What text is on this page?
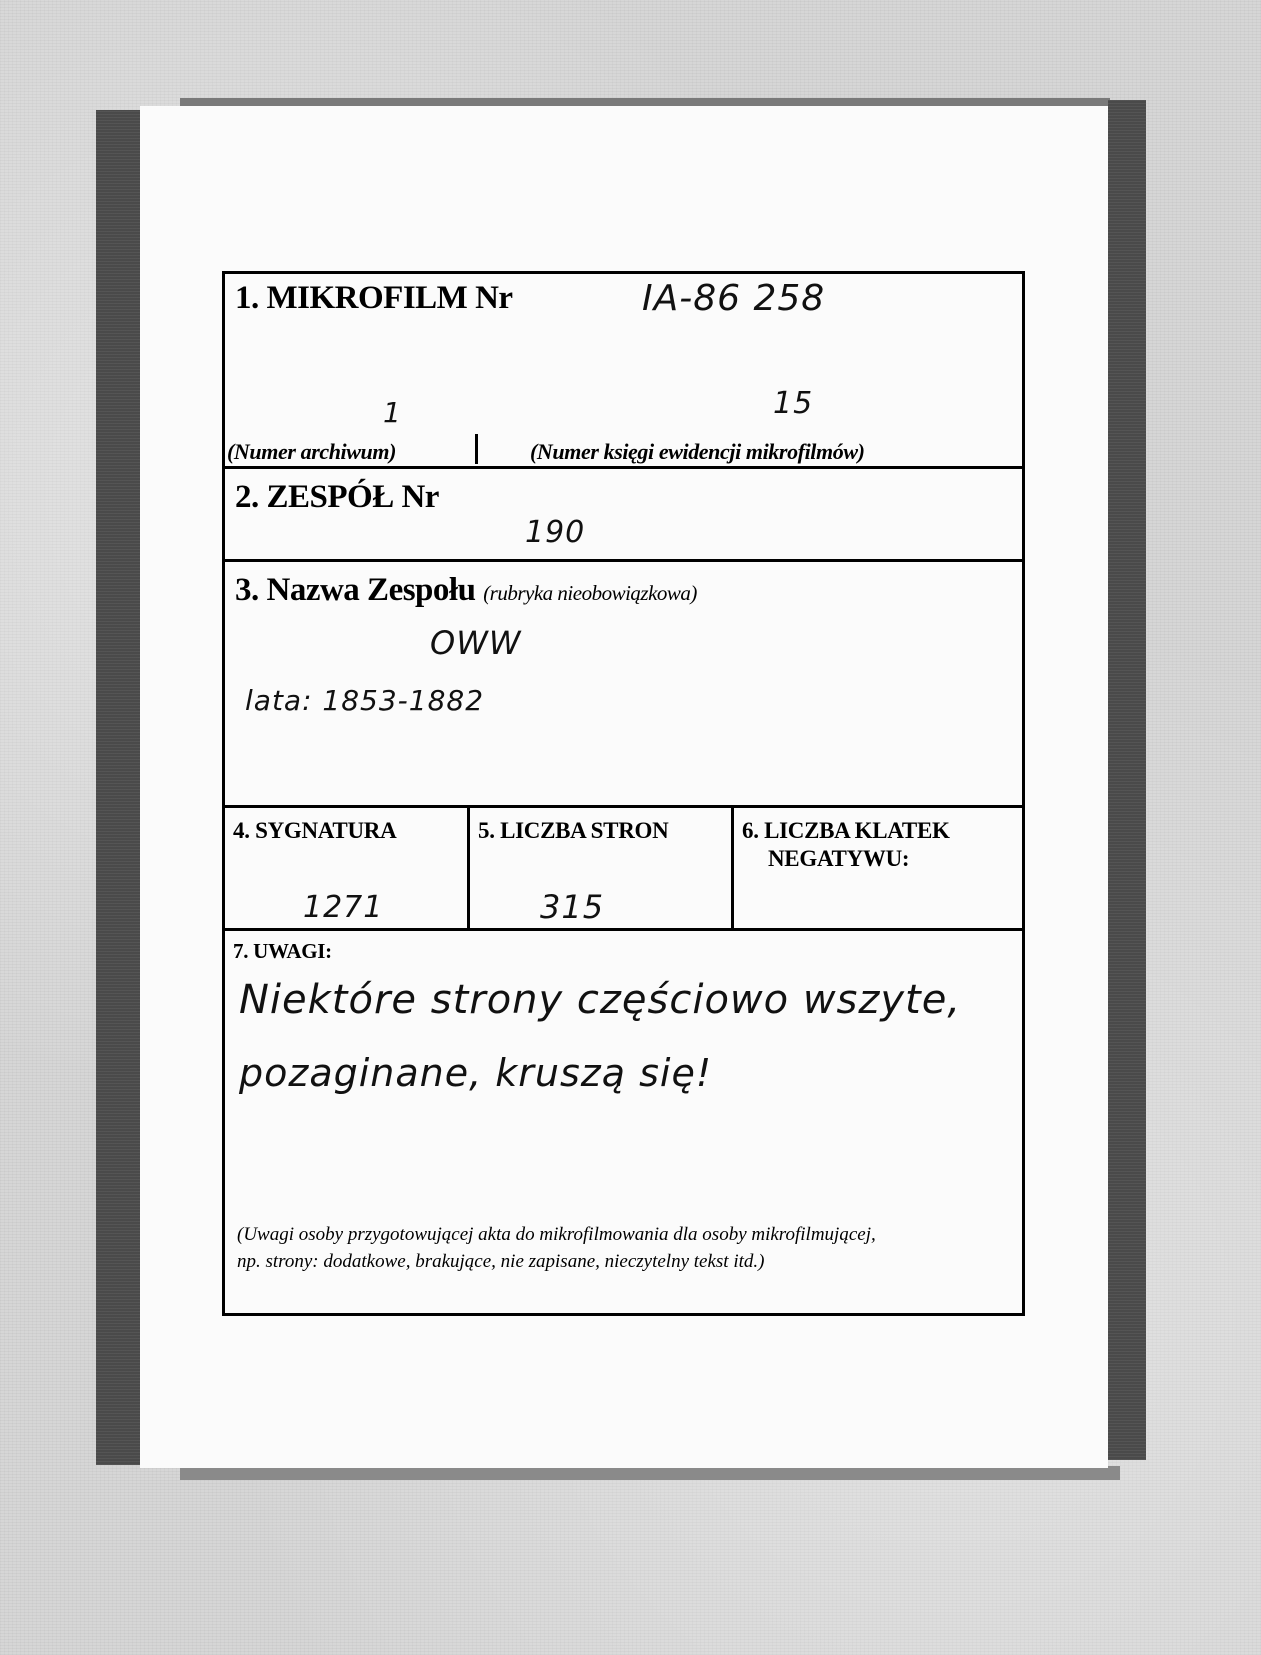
1. MIKROFILM Nr	IA-86 258
1	15
(Numer archiwum)	(Numer księgi ewidencji mikrofilmów)
2. ZESPÓŁ Nr
190
3. Nazwa Zespołu (rubryka nieobowiązkowa)
OWW
lata: 1853-1882
4. SYGNATURA
1271
5. LICZBA STRON
315
6. LICZBA KLATEK
NEGATYWU:
7. UWAGI:
Niektóre strony częściowo wszyte,
pozaginane, kruszą się!
(Uwagi osoby przygotowującej akta do mikrofilmowania dla osoby mikrofilmującej,
np. strony: dodatkowe, brakujące, nie zapisane, nieczytelny tekst itd.)
